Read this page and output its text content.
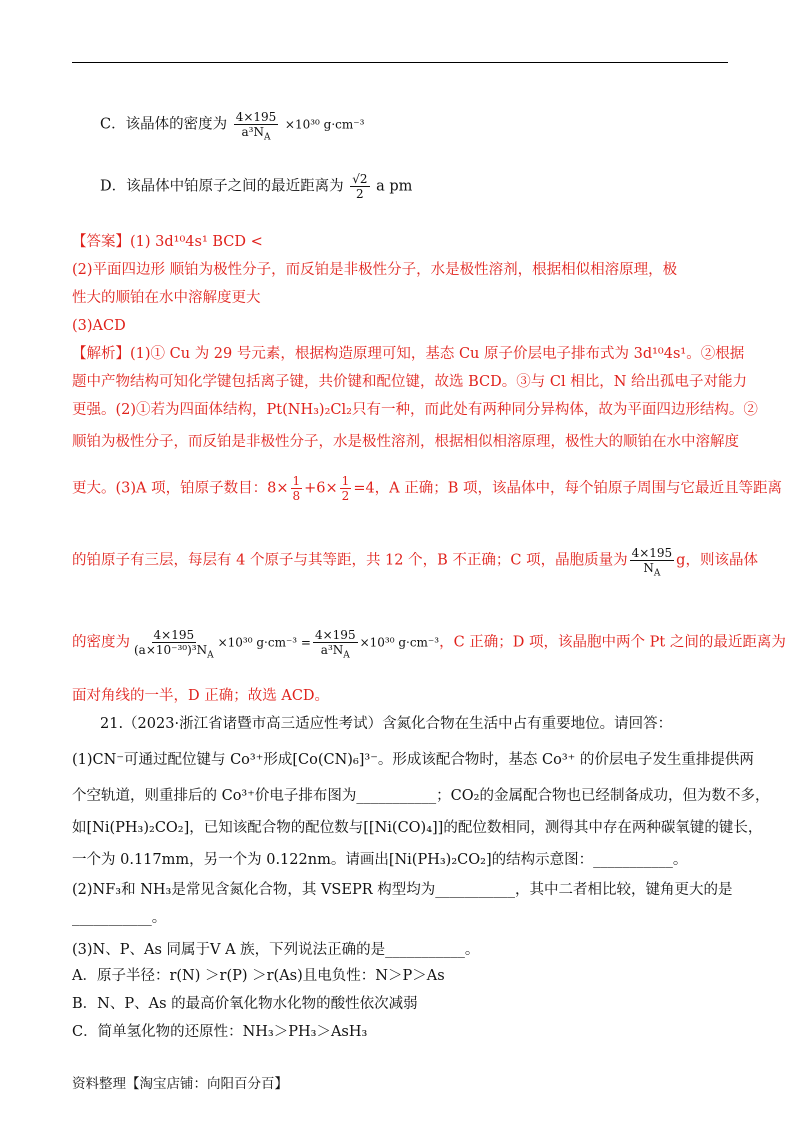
C．该晶体的密度为 $\frac{4\times 195}{a^3N_A} \times 10^{30}$ g·cm⁻³
D．该晶体中铂原子之间的最近距离为 $\frac{√2}{2}$ a pm
【答案】(1) 3d¹⁰4s¹ BCD <
(2)平面四边形 顺铂为极性分子，而反铂是非极性分子，水是极性溶剂，根据相似相溶原理，极
性大的顺铂在水中溶解度更大
(3)ACD
【解析】(1)① Cu 为 29 号元素，根据构造原理可知，基态 Cu 原子价层电子排布式为 3d¹⁰4s¹。②根据
题中产物结构可知化学键包括离子键，共价键和配位键，故选 BCD。③与 Cl 相比，N 给出孤电子对能力
更强。(2)①若为四面体结构，Pt(NH₃)₂Cl₂只有一种，而此处有两种同分异构体，故为平面四边形结构。②
顺铂为极性分子，而反铂是非极性分子，水是极性溶剂，根据相似相溶原理，极性大的顺铂在水中溶解度
更大。(3)A 项，铂原子数目：$8\times \frac{1}{8} +6\times \frac{1}{2} =4$，A 正确；B 项，该晶体中，每个铂原子周围与它最近且等距离
的铂原子有三层，每层有 4 个原子与其等距，共 12 个，B 不正确；C 项，晶胞质量为 $\frac{4\times 195}{N_A}$ g，则该晶体
的密度为 $\frac{4\times 195}{(a\times 10^{-30})^3N_A} \times 10^{30}$ $g\cdot cm^{-3} = \frac{4\times 195}{a^3N_A} \times 10^{30}$ g·cm⁻³，C 正确；D 项，该晶胞中两个 Pt 之间的最近距离为
面对角线的一半，D 正确；故选 ACD。
21.（2023·浙江省诸暨市高三适应性考试）含氮化合物在生活中占有重要地位。请回答：
(1)CN⁻可通过配位键与 Co³⁺形成[Co(CN)₆]³⁻。形成该配合物时，基态 Co³⁺ 的价层电子发生重排提供两
个空轨道，则重排后的 Co³⁺价电子排布图为___________；CO₂的金属配合物也已经制备成功，但为数不多，
如[Ni(PH₃)₂CO₂]，已知该配合物的配位数与[[Ni(CO)₄]]的配位数相同，测得其中存在两种碳氧键的键长，
一个为 0.117mm，另一个为 0.122nm。请画出[Ni(PH₃)₂CO₂]的结构示意图：___________。
(2)NF₃和 NH₃是常见含氮化合物，其 VSEPR 构型均为___________，其中二者相比较，键角更大的是
___________。
(3)N、P、As 同属于Ⅴ A 族，下列说法正确的是___________。
A．原子半径：r(N) ＞r(P) ＞r(As)且电负性：N＞P＞As
B．N、P、As 的最高价氧化物水化物的酸性依次减弱
C．简单氢化物的还原性：NH₃＞PH₃＞AsH₃
资料整理【淘宝店铺：向阳百分百】
